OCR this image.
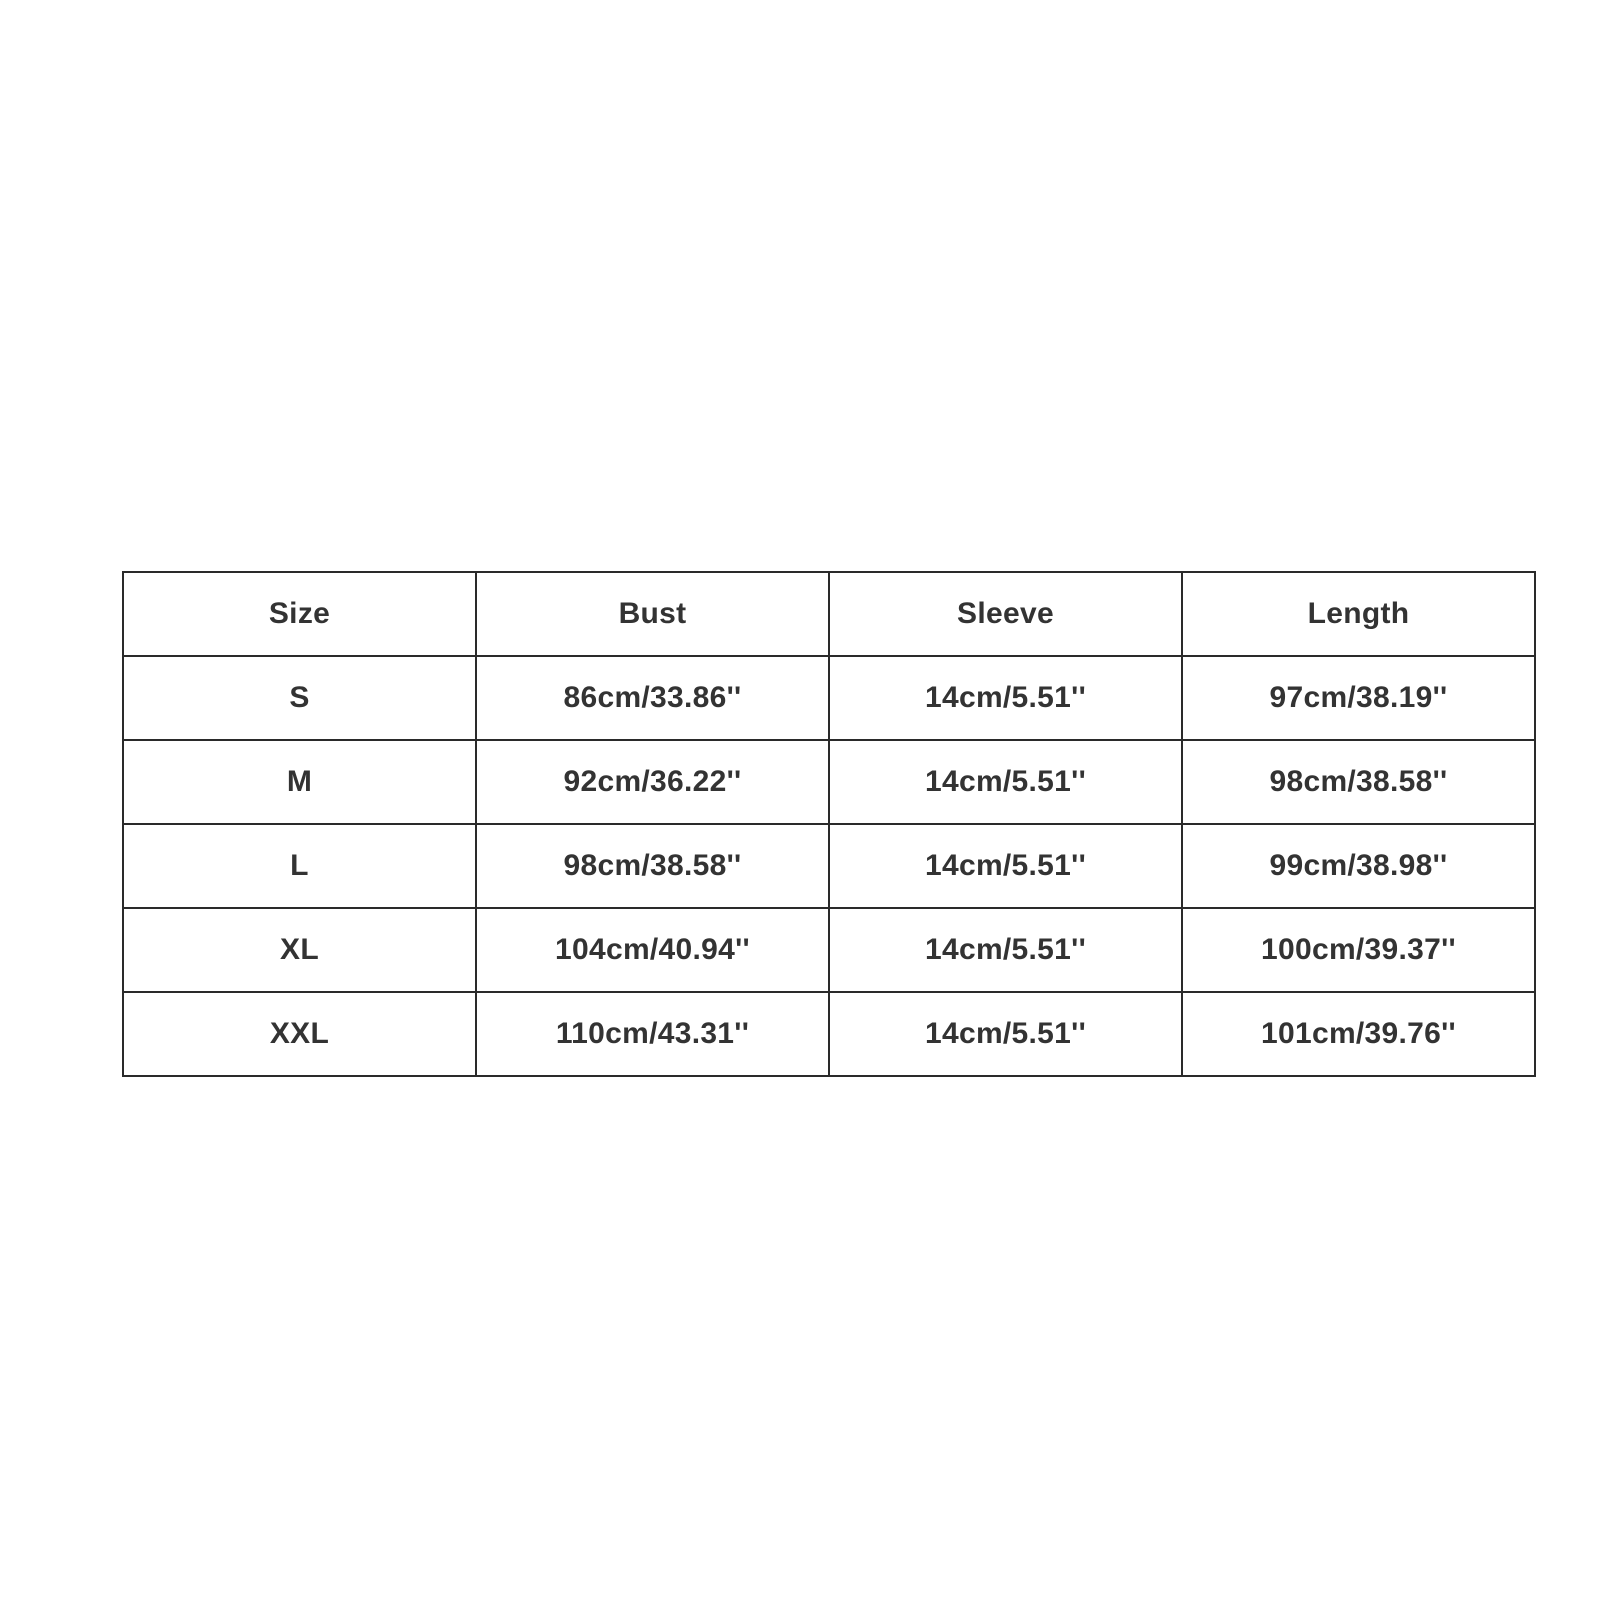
Size	Bust	Sleeve	Length
S	86cm/33.86''	14cm/5.51''	97cm/38.19''
M	92cm/36.22''	14cm/5.51''	98cm/38.58''
L	98cm/38.58''	14cm/5.51''	99cm/38.98''
XL	104cm/40.94''	14cm/5.51''	100cm/39.37''
XXL	110cm/43.31''	14cm/5.51''	101cm/39.76''
